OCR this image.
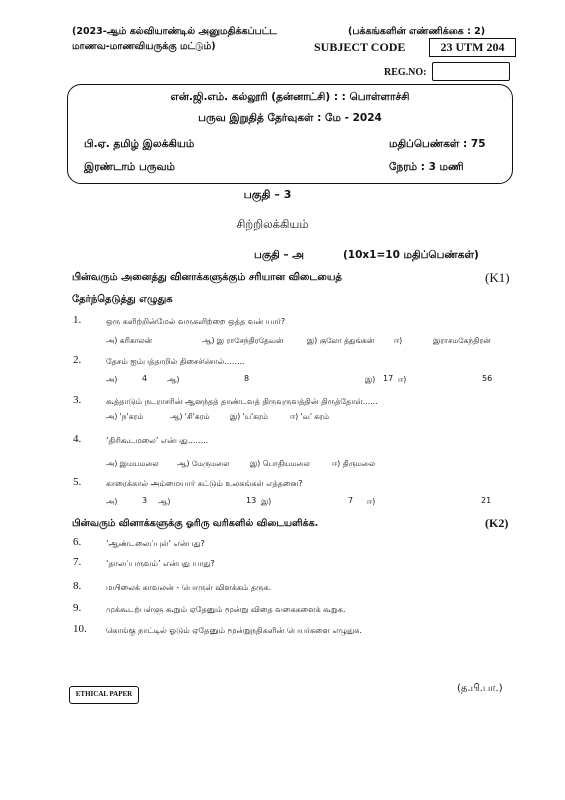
(2023-ஆம் கல்வியாண்டில் அனுமதிக்கப்பட்ட
மாணவ-மாணவியருக்கு மட்டும்)
(பக்கங்களின் எண்ணிக்கை : 2)
SUBJECT CODE	23 UTM 204
REG.NO:
என்.ஜி.எம். கல்லூரி (தன்னாட்சி) : : பொள்ளாச்சி
பருவ இறுதித் தேர்வுகள் : மே - 2024
பி.ஏ. தமிழ் இலக்கியம்	மதிப்பெண்கள் : 75
இரண்டாம் பருவம்	நேரம் : 3 மணி
பகுதி – 3
சிற்றிலக்கியம்
பகுதி – அ	(10x1=10 மதிப்பெண்கள்)
பின்வரும் அனைத்து வினாக்களுக்கும் சரியான விடையைத்	(K1)
தேர்ந்தெடுத்து எழுதுக
1.	ஒரு களிற்றின்மேல் வருகளிற்றை ஒத்த வன் யார்?
அ) கரிகாலன்	ஆ) இ ராசேந்திரதேவன்	இ) குலோ த்துங்கன்	ஈ)	இராசமகேந்திரன்
2.	தேசம் ஐம்பத்தாறில் திசைச்சொல்........
அ)	4	ஆ)	8	இ) 17 ஈ)	56
3.	கூத்தாடும் நடராசரின் ஆனந்தத் தாண்டவத் திருவுருவத்தின் திருத்தோள்......
அ) 'ந'கரம்	ஆ) 'சி'கரம்	இ) 'ய'கரம்	ஈ) 'வ' கரம்
4.	‘திரிகூடமலை’ என்பது........
அ) இமயமலை ஆ) மேருமலை	இ) பொதியமலை	ஈ) திருமலை
5.	காரைக்கால் அம்மையார் சுட்டும் உலகங்கள் எத்தனை?
அ)	3 ஆ)	13 இ)	7 ஈ)	21
பின்வரும் வினாக்களுக்கு ஓரிரு வரிகளில் விடையளிக்க.	(K2)
6.	‘ஆண்டலைப்புள்’ என்பது?
7.	‘தாலப்பருவம்’ என்பது யாது?
8.	மயிலைக் காவலன் - பொருள் விளக்கம் தருக.
9.	முக்கூடற்பள்ளு கூறும் ஏதேனும் மூன்று விதை வகைகளைக் கூறுக.
10. கொங்கு நாட்டில் ஓடும் ஏதேனும் மூன்றுநதிகளின் பெயர்களை எழுதுக.
ETHICAL PAPER	(த.பி.பா.)
